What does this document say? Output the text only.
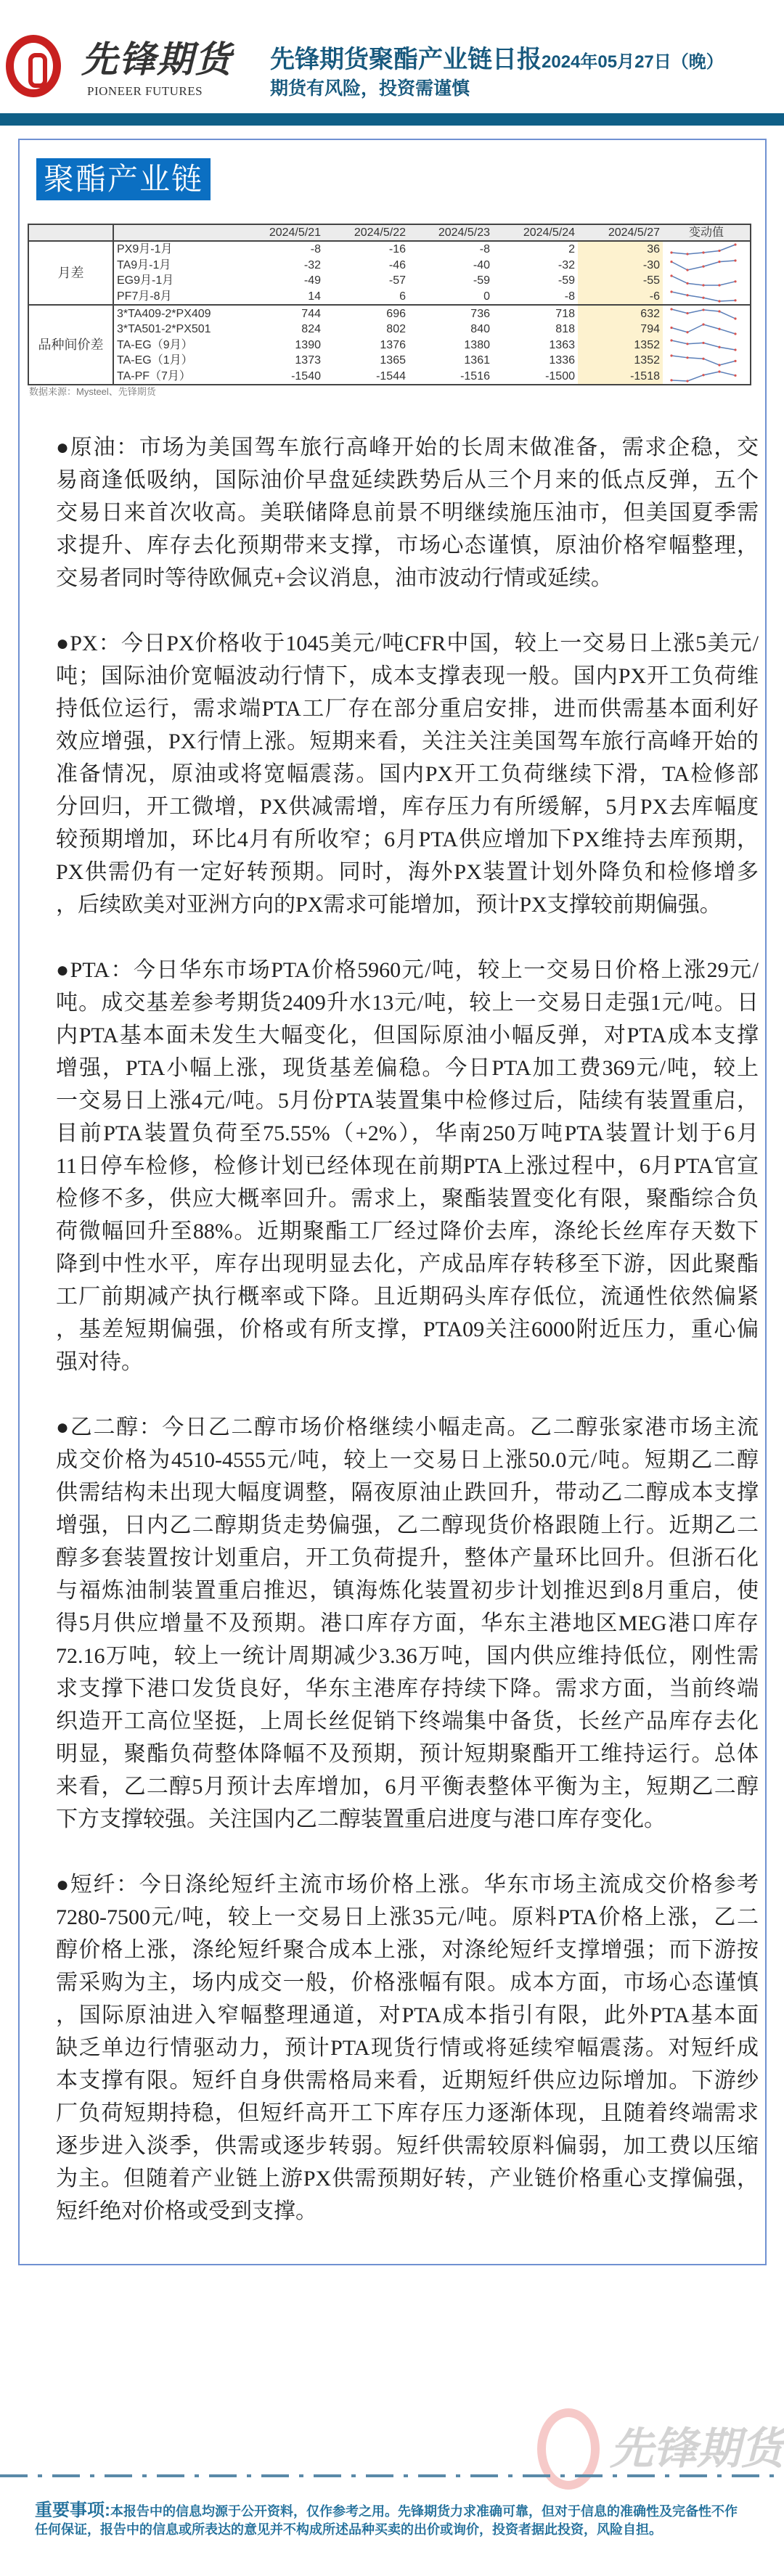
先锋期货
PIONEER FUTURES
先锋期货聚酯产业链日报2024年05月27日（晚）
期货有风险，投资需谨慎
聚酯产业链
		2024/5/21	2024/5/22	2024/5/23	2024/5/24	2024/5/27	变动值
月差	PX9月-1月	-8	-16	-8	2	36	

	TA9月-1月	-32	-46	-40	-32	-30	

	EG9月-1月	-49	-57	-59	-59	-55	

	PF7月-8月	14	6	0	-8	-6	

品种间价差	3*TA409-2*PX409	744	696	736	718	632	

	3*TA501-2*PX501	824	802	840	818	794	

	TA-EG（9月）	1390	1376	1380	1363	1352	

	TA-EG（1月）	1373	1365	1361	1336	1352	

	TA-PF（7月）	-1540	-1544	-1516	-1500	-1518	
数据来源：Mysteel、先锋期货
●原油：市场为美国驾车旅行高峰开始的长周末做准备，需求企稳，交
易商逢低吸纳，国际油价早盘延续跌势后从三个月来的低点反弹，五个
交易日来首次收高。美联储降息前景不明继续施压油市，但美国夏季需
求提升、库存去化预期带来支撑，市场心态谨慎，原油价格窄幅整理，
交易者同时等待欧佩克+会议消息，油市波动行情或延续。
●PX：今日PX价格收于1045美元/吨CFR中国，较上一交易日上涨5美元/
吨；国际油价宽幅波动行情下，成本支撑表现一般。国内PX开工负荷维
持低位运行，需求端PTA工厂存在部分重启安排，进而供需基本面利好
效应增强，PX行情上涨。短期来看，关注关注美国驾车旅行高峰开始的
准备情况，原油或将宽幅震荡。国内PX开工负荷继续下滑，TA检修部
分回归，开工微增，PX供减需增，库存压力有所缓解，5月PX去库幅度
较预期增加，环比4月有所收窄；6月PTA供应增加下PX维持去库预期，
PX供需仍有一定好转预期。同时，海外PX装置计划外降负和检修增多
，后续欧美对亚洲方向的PX需求可能增加，预计PX支撑较前期偏强。
●PTA：今日华东市场PTA价格5960元/吨，较上一交易日价格上涨29元/
吨。成交基差参考期货2409升水13元/吨，较上一交易日走强1元/吨。日
内PTA基本面未发生大幅变化，但国际原油小幅反弹，对PTA成本支撑
增强，PTA小幅上涨，现货基差偏稳。今日PTA加工费369元/吨，较上
一交易日上涨4元/吨。5月份PTA装置集中检修过后，陆续有装置重启，
目前PTA装置负荷至75.55%（+2%），华南250万吨PTA装置计划于6月
11日停车检修，检修计划已经体现在前期PTA上涨过程中，6月PTA官宣
检修不多，供应大概率回升。需求上，聚酯装置变化有限，聚酯综合负
荷微幅回升至88%。近期聚酯工厂经过降价去库，涤纶长丝库存天数下
降到中性水平，库存出现明显去化，产成品库存转移至下游，因此聚酯
工厂前期减产执行概率或下降。且近期码头库存低位，流通性依然偏紧
，基差短期偏强，价格或有所支撑，PTA09关注6000附近压力，重心偏
强对待。
●乙二醇：今日乙二醇市场价格继续小幅走高。乙二醇张家港市场主流
成交价格为4510-4555元/吨，较上一交易日上涨50.0元/吨。短期乙二醇
供需结构未出现大幅度调整，隔夜原油止跌回升，带动乙二醇成本支撑
增强，日内乙二醇期货走势偏强，乙二醇现货价格跟随上行。近期乙二
醇多套装置按计划重启，开工负荷提升，整体产量环比回升。但浙石化
与福炼油制装置重启推迟，镇海炼化装置初步计划推迟到8月重启，使
得5月供应增量不及预期。港口库存方面，华东主港地区MEG港口库存
72.16万吨，较上一统计周期减少3.36万吨，国内供应维持低位，刚性需
求支撑下港口发货良好，华东主港库存持续下降。需求方面，当前终端
织造开工高位坚挺，上周长丝促销下终端集中备货，长丝产品库存去化
明显，聚酯负荷整体降幅不及预期，预计短期聚酯开工维持运行。总体
来看，乙二醇5月预计去库增加，6月平衡表整体平衡为主，短期乙二醇
下方支撑较强。关注国内乙二醇装置重启进度与港口库存变化。
●短纤：今日涤纶短纤主流市场价格上涨。华东市场主流成交价格参考
7280-7500元/吨，较上一交易日上涨35元/吨。原料PTA价格上涨，乙二
醇价格上涨，涤纶短纤聚合成本上涨，对涤纶短纤支撑增强；而下游按
需采购为主，场内成交一般，价格涨幅有限。成本方面，市场心态谨慎
，国际原油进入窄幅整理通道，对PTA成本指引有限，此外PTA基本面
缺乏单边行情驱动力，预计PTA现货行情或将延续窄幅震荡。对短纤成
本支撑有限。短纤自身供需格局来看，近期短纤供应边际增加。下游纱
厂负荷短期持稳，但短纤高开工下库存压力逐渐体现，且随着终端需求
逐步进入淡季，供需或逐步转弱。短纤供需较原料偏弱，加工费以压缩
为主。但随着产业链上游PX供需预期好转，产业链价格重心支撑偏强，
短纤绝对价格或受到支撑。
先锋期货
重要事项:本报告中的信息均源于公开资料，仅作参考之用。先锋期货力求准确可靠，但对于信息的准确性及完备性不作
任何保证，报告中的信息或所表达的意见并不构成所述品种买卖的出价或询价，投资者据此投资，风险自担。
